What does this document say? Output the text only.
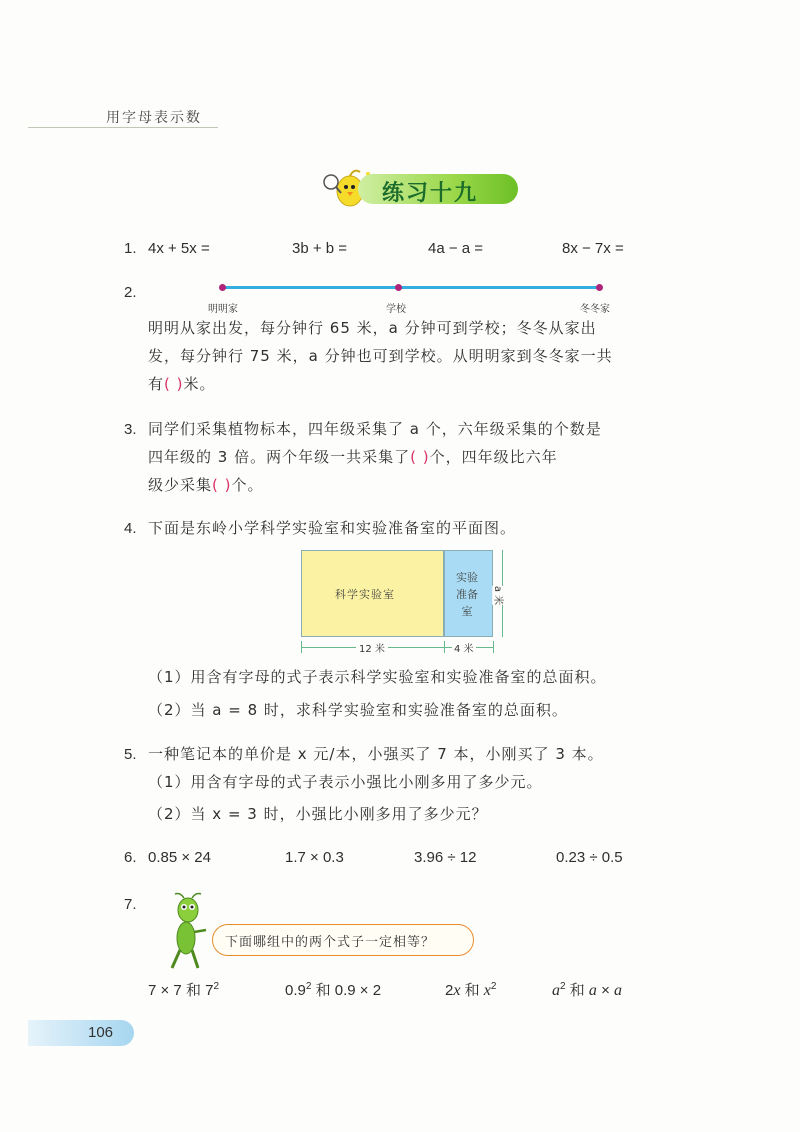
用字母表示数
练习十九
1. 4x + 5x =	3b + b =	4a − a =	8x − 7x =
2.
明明家	学校	冬冬家
明明从家出发，每分钟行 65 米，a 分钟可到学校；冬冬从家出
发，每分钟行 75 米，a 分钟也可到学校。从明明家到冬冬家一共
有( )米。
3. 同学们采集植物标本，四年级采集了 a 个，六年级采集的个数是
四年级的 3 倍。两个年级一共采集了( )个，四年级比六年
级少采集( )个。
4. 下面是东岭小学科学实验室和实验准备室的平面图。
科学实验室
实验准备室
12 米	4 米
a 米
（1）用含有字母的式子表示科学实验室和实验准备室的总面积。
（2）当 a = 8 时，求科学实验室和实验准备室的总面积。
5. 一种笔记本的单价是 x 元/本，小强买了 7 本，小刚买了 3 本。
（1）用含有字母的式子表示小强比小刚多用了多少元。
（2）当 x = 3 时，小强比小刚多用了多少元？
6. 0.85 × 24	1.7 × 0.3	3.96 ÷ 12	0.23 ÷ 0.5
7.
下面哪组中的两个式子一定相等？
7 × 7 和 $7^2$	$0.9^2$ 和 0.9 × 2	2x 和 $x^2$	$a^2$ 和 a × a
106
